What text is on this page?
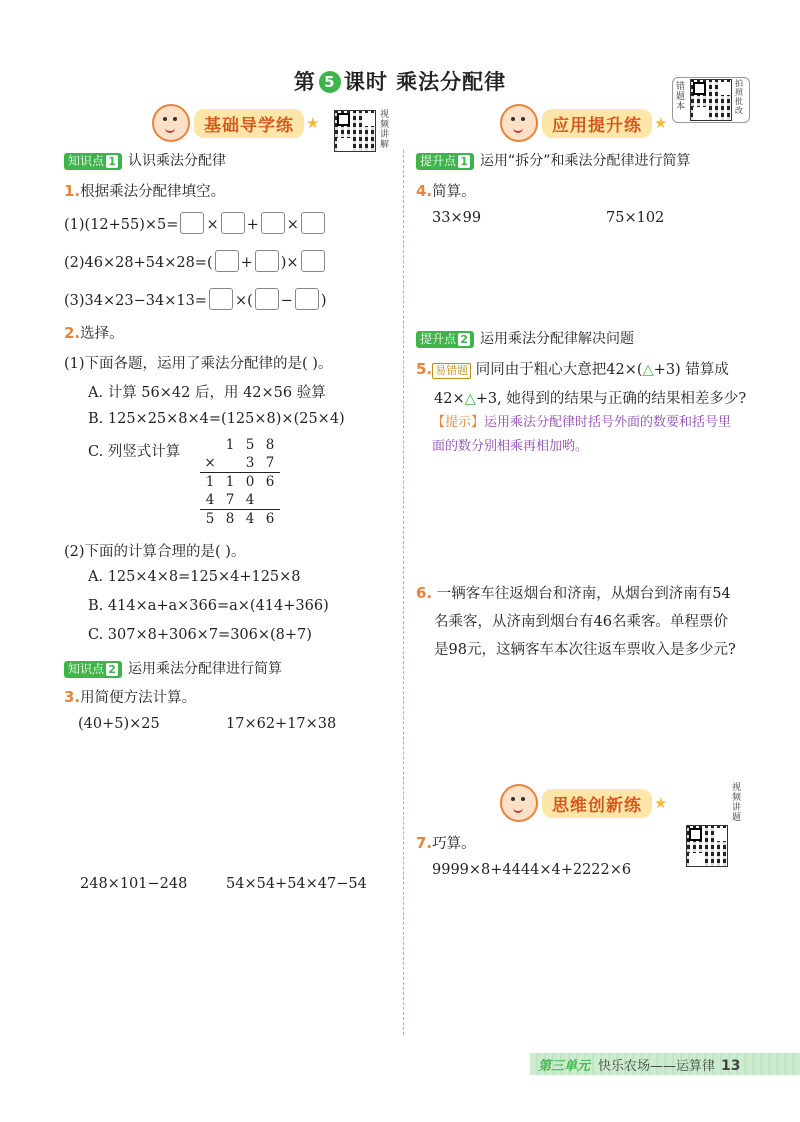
第 5 课时 乘法分配律	错题本
拍照批改
基础导学练 ★	视频讲解
知识点 1 认识乘法分配律
1.根据乘法分配律填空。
(1)(12+55)×5= × + ×
(2)46×28+54×28=( + )×
(3)34×23−34×13= ×( − )
2.选择。
(1)下面各题，运用了乘法分配律的是( )。
A. 计算 56×42 后，用 42×56 验算
B. 125×25×8×4=(125×8)×(25×4)
C. 列竖式计算
		1	5	8
×		3	7
1	1	0	6
4	7	4	
5	8	4	6
(2)下面的计算合理的是( )。
A. 125×4×8=125×4+125×8
B. 414×a+a×366=a×(414+366)
C. 307×8+306×7=306×(8+7)
知识点 2 运用乘法分配律进行简算
3.用简便方法计算。
(40+5)×25	17×62+17×38
248×101−248	54×54+54×47−54
应用提升练 ★
提升点 1 运用“拆分”和乘法分配律进行简算
4.简算。
33×99	75×102
提升点 2 运用乘法分配律解决问题
5. 易错题 同同由于粗心大意把42×(△+3) 错算成
42×△+3, 她得到的结果与正确的结果相差多少?
【提示】运用乘法分配律时括号外面的数要和括号里
面的数分别相乘再相加哟。
6. 一辆客车往返烟台和济南，从烟台到济南有54
名乘客，从济南到烟台有46名乘客。单程票价
是98元，这辆客车本次往返车票收入是多少元?
思维创新练 ★
视频讲题
7.巧算。
9999×8+4444×4+2222×6
第三单元 快乐农场——运算律 13
